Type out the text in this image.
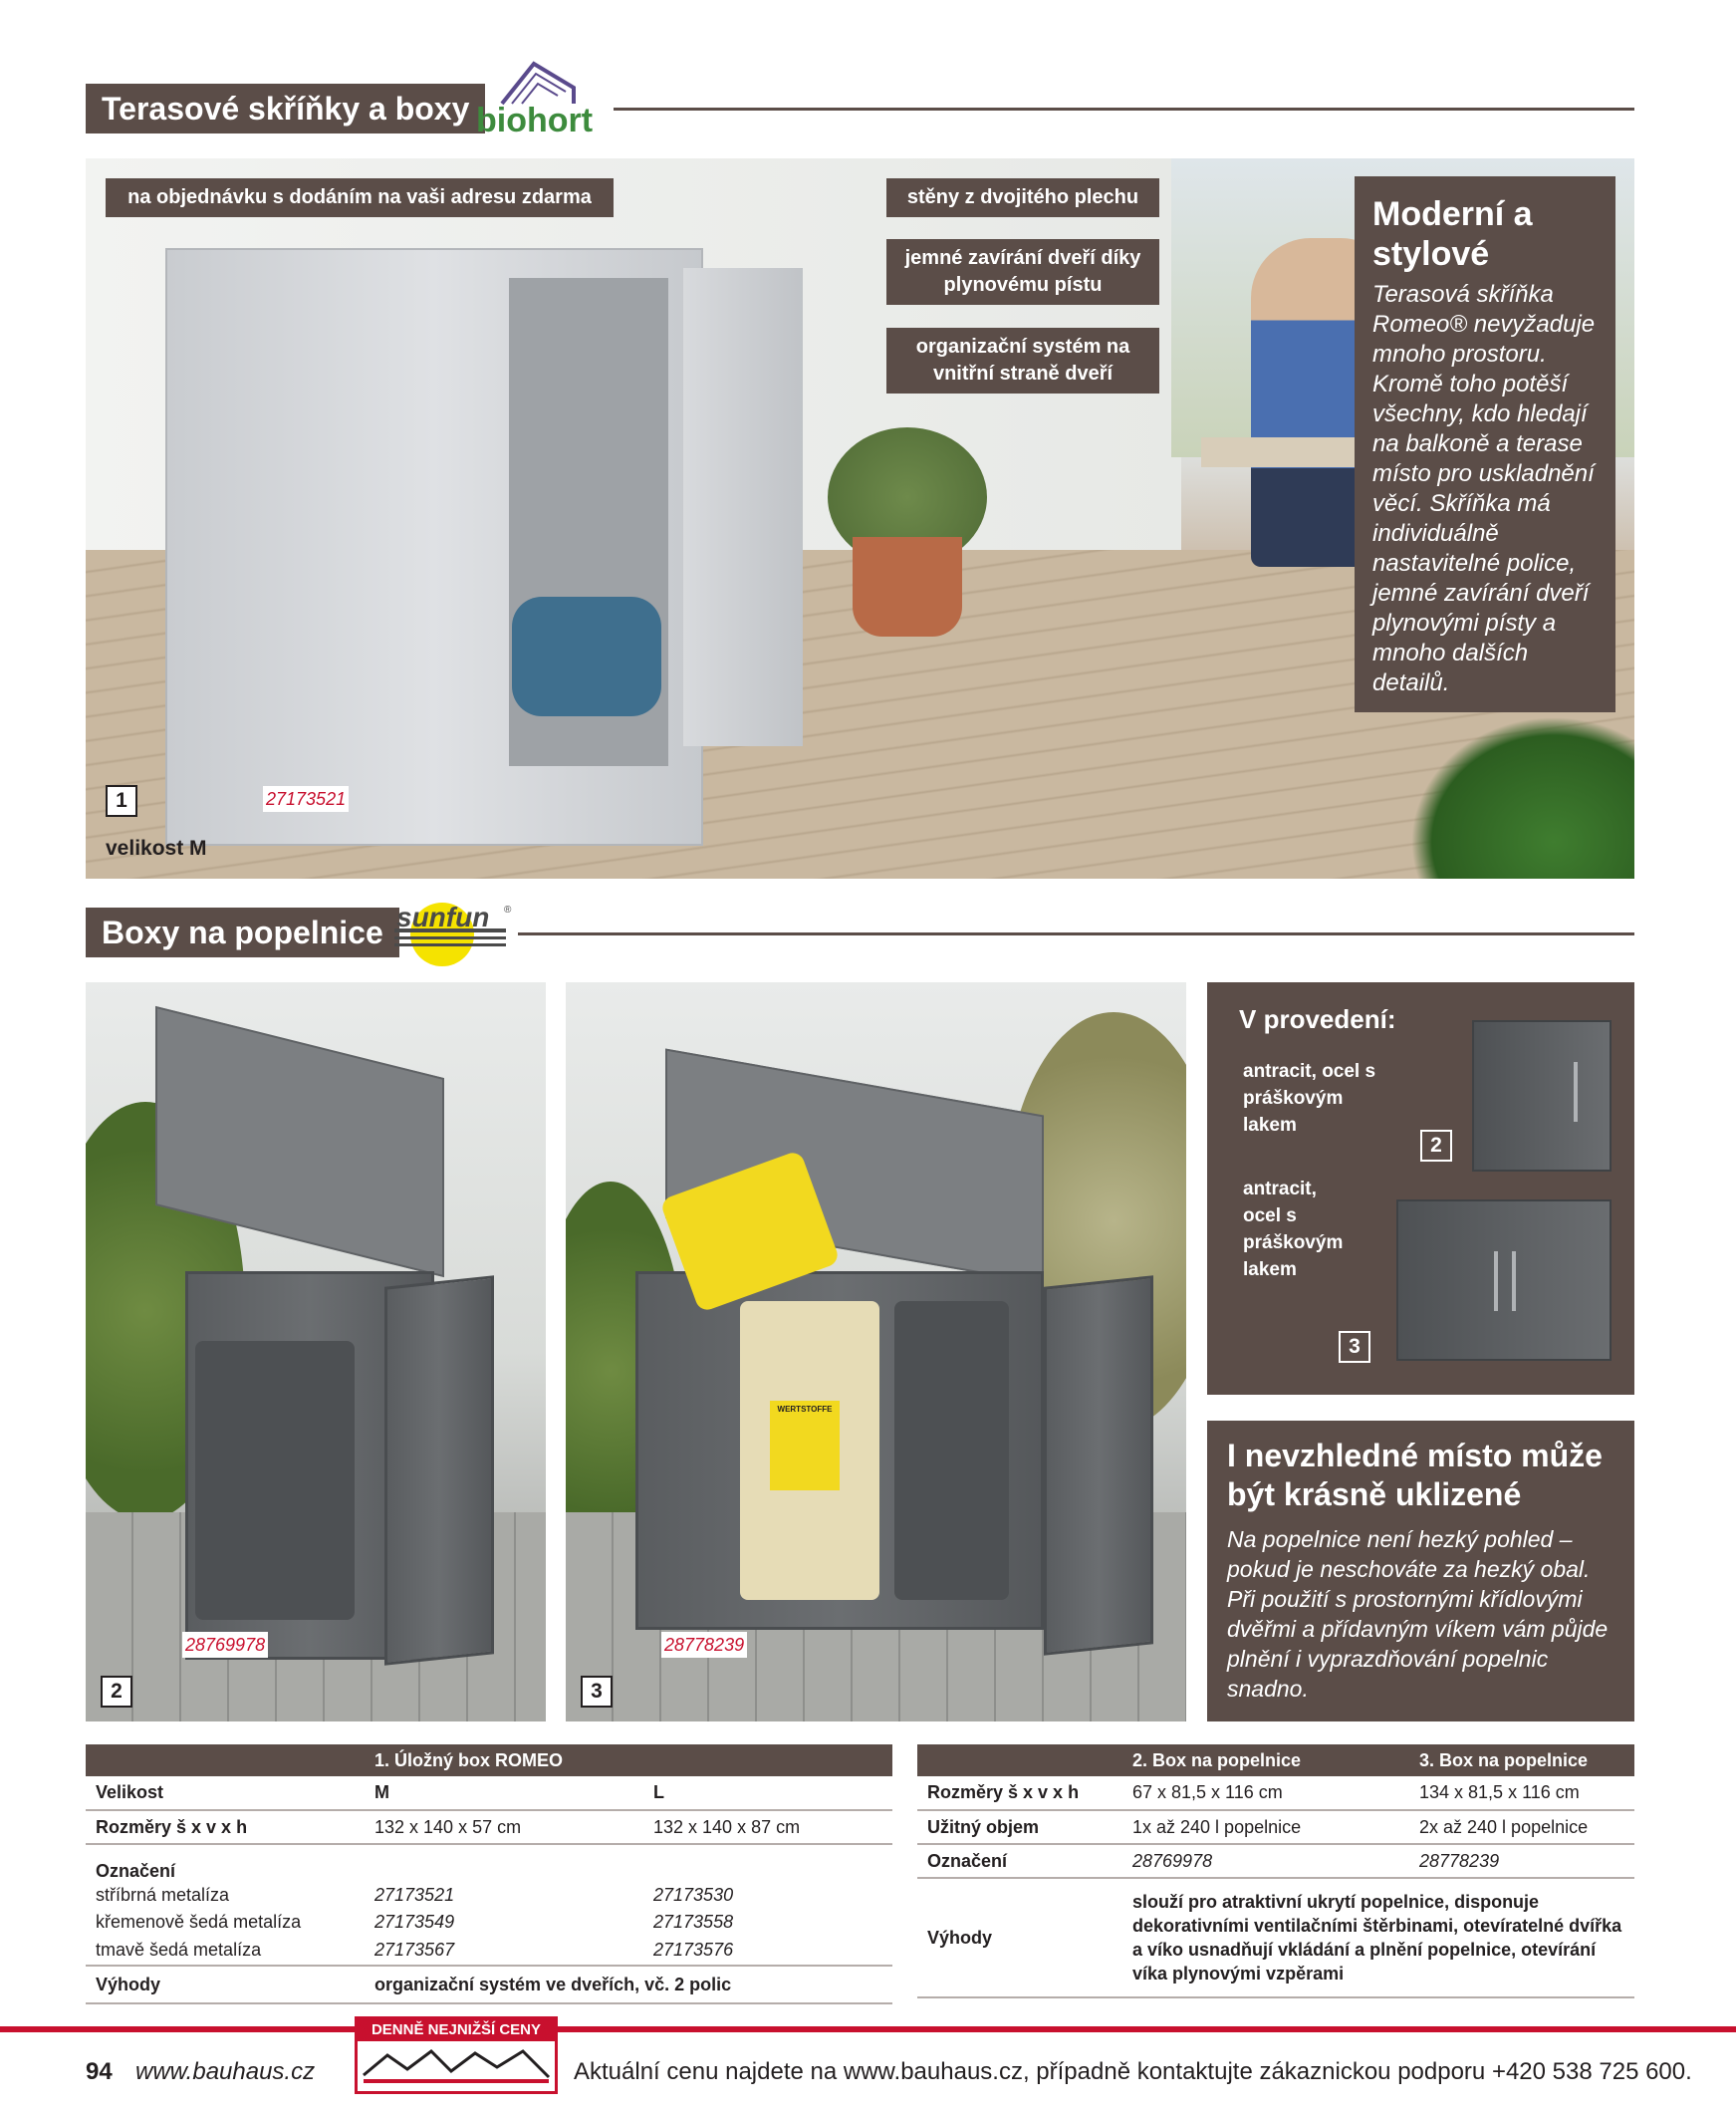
Terasové skříňky a boxy biohort
na objednávku s dodáním na vaši adresu zdarma	stěny z dvojitého plechu
jemné zavírání dveří díky plynovému pístu
organizační systém na vnitřní straně dveří
1	27173521
velikost M
Moderní a stylové
Terasová skříňka Romeo® nevyžaduje mnoho prostoru. Kromě toho potěší všechny, kdo hledají na balkoně a terase místo pro uskladnění věcí. Skříňka má individuálně nastavitelné police, jemné zavírání dveří plynovými písty a mnoho dalších detailů.
Boxy na popelnice sunfun ®
28769978
2
WERTSTOFFE
28778239
3
V provedení:
antracit, ocel s práškovým lakem
2
antracit, ocel s práškovým lakem
3
I nevzhledné místo může být krásně uklizené
Na popelnice není hezký pohled – pokud je neschováte za hezký obal. Při použití s prostornými křídlovými dvěřmi a přídavným víkem vám půjde plnění i vyprazdňování popelnic snadno.
	1. Úložný box ROMEO	
Velikost	M	L
Rozměry š x v x h	132 x 140 x 57 cm	132 x 140 x 87 cm
Označení		
stříbrná metalíza	27173521	27173530
křemenově šedá metalíza	27173549	27173558
tmavě šedá metalíza	27173567	27173576
Výhody	organizační systém ve dveřích, vč. 2 polic	
	2. Box na popelnice	3. Box na popelnice
Rozměry š x v x h	67 x 81,5 x 116 cm	134 x 81,5 x 116 cm
Užitný objem	1x až 240 l popelnice	2x až 240 l popelnice
Označení	28769978	28778239
Výhody	slouží pro atraktivní ukrytí popelnice, disponuje dekorativními ventilačními štěrbinami, otevíratelné dvířka a víko usnadňují vkládání a plnění popelnice, otevírání víka plynovými vzpěrami	
DENNĚ NEJNIŽŠÍ CENY
94 www.bauhaus.cz	Aktuální cenu najdete na www.bauhaus.cz, případně kontaktujte zákaznickou podporu +420 538 725 600.
